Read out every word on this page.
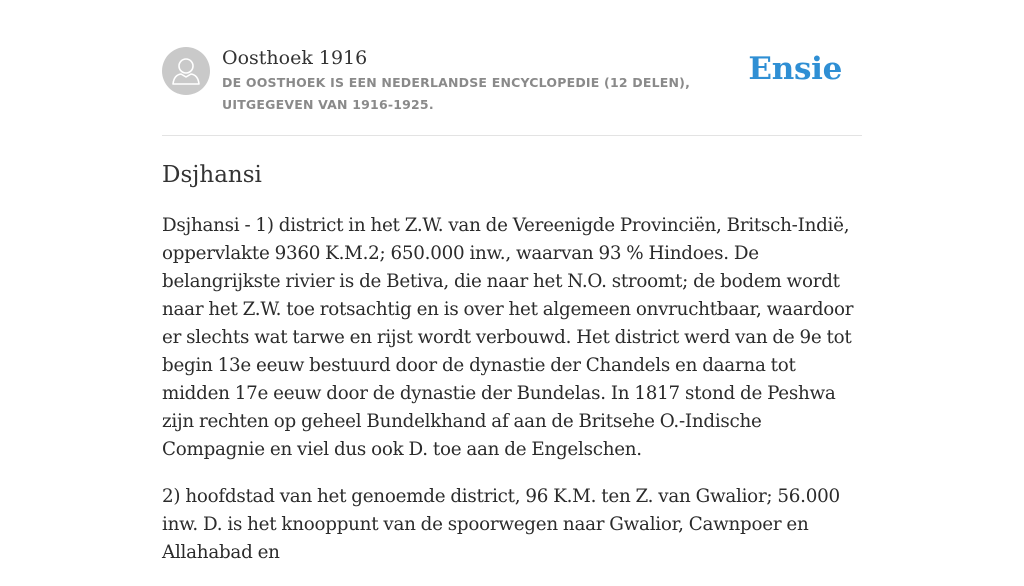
Oosthoek 1916
DE OOSTHOEK IS EEN NEDERLANDSE ENCYCLOPEDIE (12 DELEN), UITGEGEVEN VAN 1916-1925.
Ensie
Dsjhansi

Dsjhansi - 1) district in het Z.W. van de Vereenigde Provinciën, Britsch-Indië, oppervlakte 9360 K.M.2; 650.000 inw., waarvan 93 % Hindoes. De belangrijkste rivier is de Betiva, die naar het N.O. stroomt; de bodem wordt naar het Z.W. toe rotsachtig en is over het algemeen onvruchtbaar, waardoor er slechts wat tarwe en rijst wordt verbouwd. Het district werd van de 9e tot begin 13e eeuw bestuurd door de dynastie der Chandels en daarna tot midden 17e eeuw door de dynastie der Bundelas. In 1817 stond de Peshwa zijn rechten op geheel Bundelkhand af aan de Britsehe O.-Indische Compagnie en viel dus ook D. toe aan de Engelschen.

2) hoofdstad van het genoemde district, 96 K.M. ten Z. van Gwalior; 56.000 inw. D. is het knooppunt van de spoorwegen naar Gwalior, Cawnpoer en Allahabad en
